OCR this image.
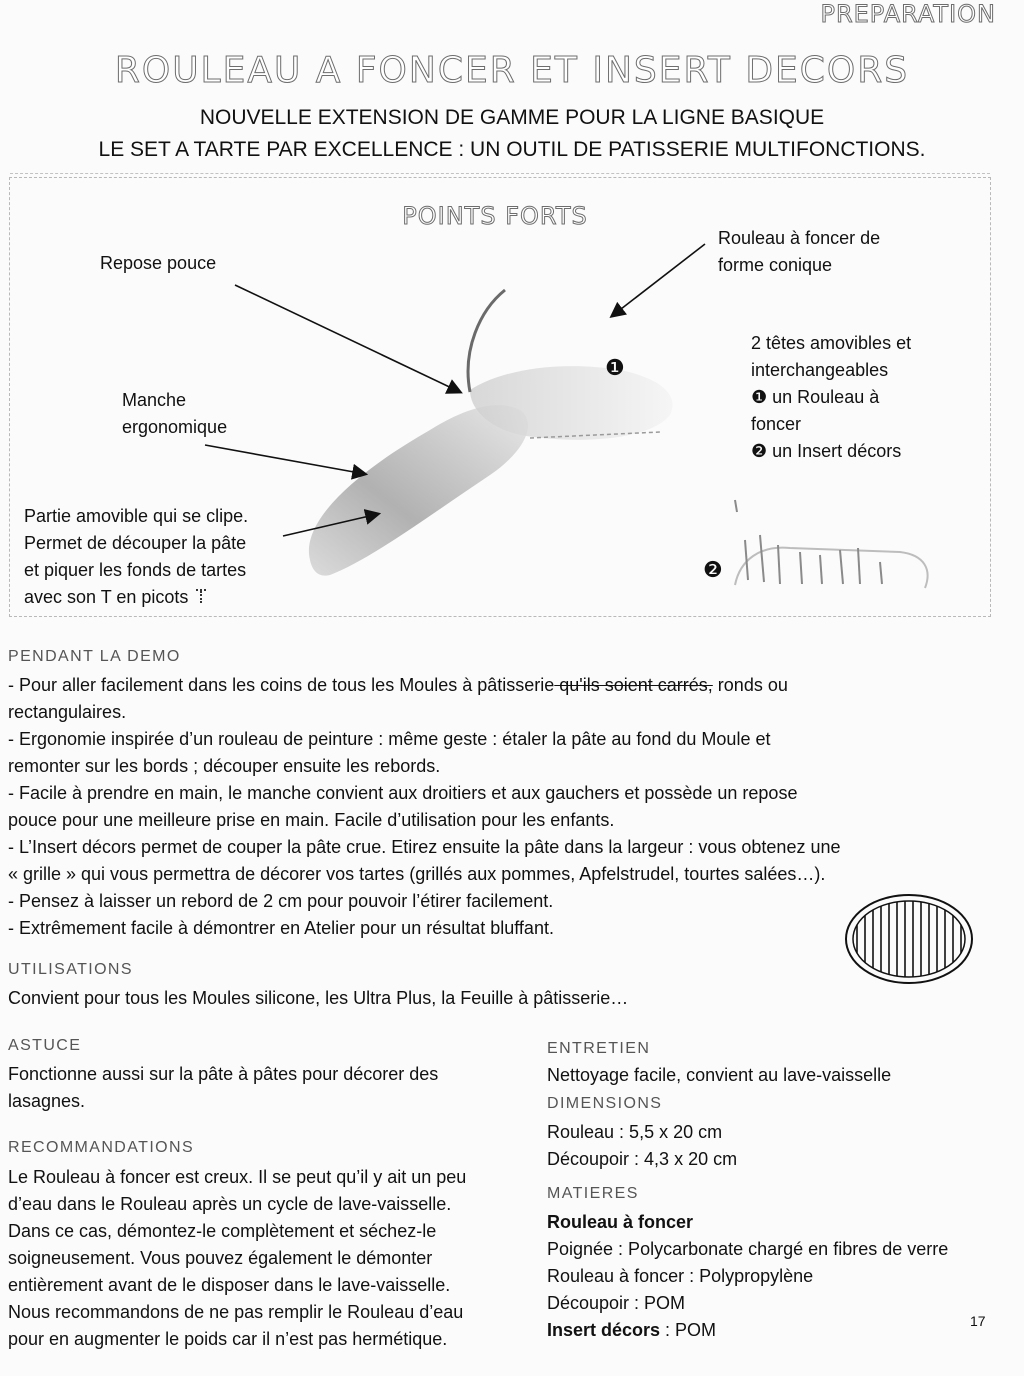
PREPARATION
ROULEAU A FONCER ET INSERT DECORS
NOUVELLE EXTENSION DE GAMME POUR LA LIGNE BASIQUE
LE SET A TARTE PAR EXCELLENCE : UN OUTIL DE PATISSERIE MULTIFONCTIONS.
POINTS FORTS
❶
❷
Repose pouce
Manche
ergonomique
Partie amovible qui se clipe.
Permet de découper la pâte
et piquer les fonds de tartes
avec son T en picots
Rouleau à foncer de
forme conique
2 têtes amovibles et
interchangeables
❶ un Rouleau à
foncer
❷ un Insert décors
PENDANT LA DEMO
- Pour aller facilement dans les coins de tous les Moules à pâtisserie qu'ils soient carrés, ronds ou
rectangulaires.
- Ergonomie inspirée d’un rouleau de peinture : même geste : étaler la pâte au fond du Moule et
remonter sur les bords ; découper ensuite les rebords.
- Facile à prendre en main, le manche convient aux droitiers et aux gauchers et possède un repose
pouce pour une meilleure prise en main. Facile d’utilisation pour les enfants.
- L’Insert décors permet de couper la pâte crue. Etirez ensuite la pâte dans la largeur : vous obtenez une
« grille » qui vous permettra de décorer vos tartes (grillés aux pommes, Apfelstrudel, tourtes salées…).
- Pensez à laisser un rebord de 2 cm pour pouvoir l’étirer facilement.
- Extrêmement facile à démontrer en Atelier pour un résultat bluffant.
UTILISATIONS
Convient pour tous les Moules silicone, les Ultra Plus, la Feuille à pâtisserie…
ASTUCE
Fonctionne aussi sur la pâte à pâtes pour décorer des
lasagnes.
RECOMMANDATIONS
Le Rouleau à foncer est creux. Il se peut qu’il y ait un peu
d’eau dans le Rouleau après un cycle de lave-vaisselle.
Dans ce cas, démontez-le complètement et séchez-le
soigneusement. Vous pouvez également le démonter
entièrement avant de le disposer dans le lave-vaisselle.
Nous recommandons de ne pas remplir le Rouleau d’eau
pour en augmenter le poids car il n’est pas hermétique.
ENTRETIEN
Nettoyage facile, convient au lave-vaisselle
DIMENSIONS
Rouleau : 5,5 x 20 cm
Découpoir : 4,3 x 20 cm
MATIERES
Rouleau à foncer
Poignée : Polycarbonate chargé en fibres de verre
Rouleau à foncer : Polypropylène
Découpoir : POM
Insert décors : POM	17
